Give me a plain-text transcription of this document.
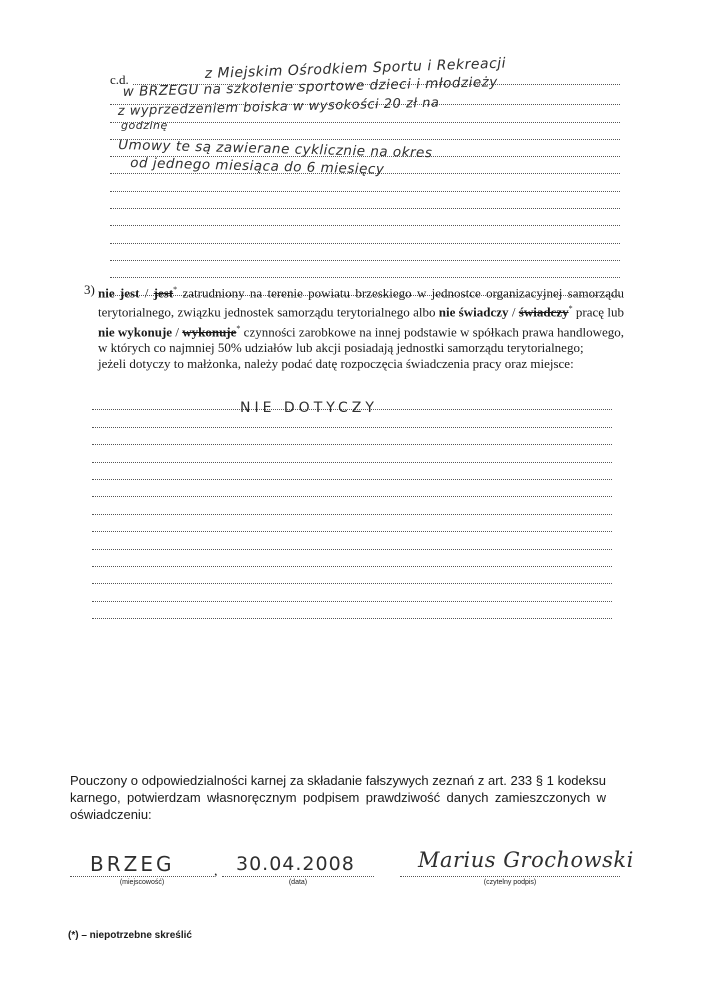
c.d.	z Miejskim Ośrodkiem Sportu i Rekreacji
w BRZEGU na szkolenie sportowe dzieci i młodzieży
z wyprzedzeniem boiska w wysokości 20 zł na
godzinę
Umowy te są zawierane cyklicznie na okres
od jednego miesiąca do 6 miesięcy
3) nie jest / jest* zatrudniony na terenie powiatu brzeskiego w jednostce organizacyjnej samorządu terytorialnego, związku jednostek samorządu terytorialnego albo nie świadczy / świadczy* pracę lub nie wykonuje / wykonuje* czynności zarobkowe na innej podstawie w spółkach prawa handlowego, w których co najmniej 50% udziałów lub akcji posiadają jednostki samorządu terytorialnego;
jeżeli dotyczy to małżonka, należy podać datę rozpoczęcia świadczenia pracy oraz miejsce:
NIE DOTYCZY
Pouczony o odpowiedzialności karnej za składanie fałszywych zeznań z art. 233 § 1 kodeksu karnego, potwierdzam własnoręcznym podpisem prawdziwość danych zamieszczonych w oświadczeniu:
BRZEG
(miejscowość)
, 30.04.2008
(data)
Marius Grochowski
(czytelny podpis)
(*) – niepotrzebne skreślić
